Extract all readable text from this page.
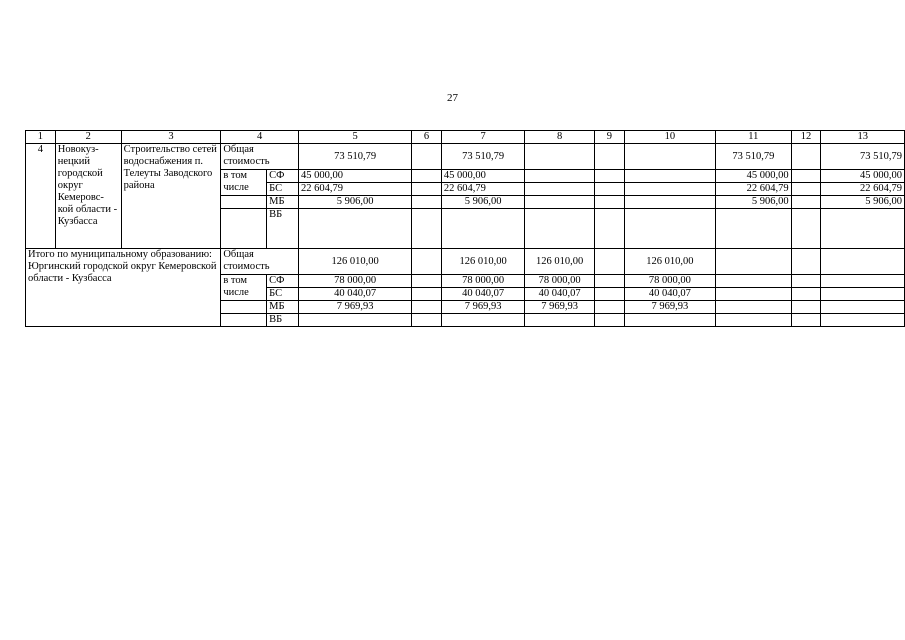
27
1	2	3	4		5	6	7	8	9	10	11	12	13
4	Новокуз-нецкий городской округ Кемеровс-кой области - Кузбасса	Строительство сетей водоснабжения п. Телеуты Заводского района	Общая стоимость		73 510,79		73 510,79				73 510,79		73 510,79
			в том числе	СФ	45 000,00		45 000,00				45 000,00		45 000,00
				БС	22 604,79		22 604,79				22 604,79		22 604,79
				МБ	5 906,00		5 906,00				5 906,00		5 906,00
				ВБ									

Итого по муниципальному образованию: Юргинский городской округ Кемеровской области - Кузбасса			Общая стоимость		126 010,00		126 010,00	126 010,00		126 010,00			
			в том числе	СФ	78 000,00		78 000,00	78 000,00		78 000,00			
				БС	40 040,07		40 040,07	40 040,07		40 040,07			
				МБ	7 969,93		7 969,93	7 969,93		7 969,93			
				ВБ									
